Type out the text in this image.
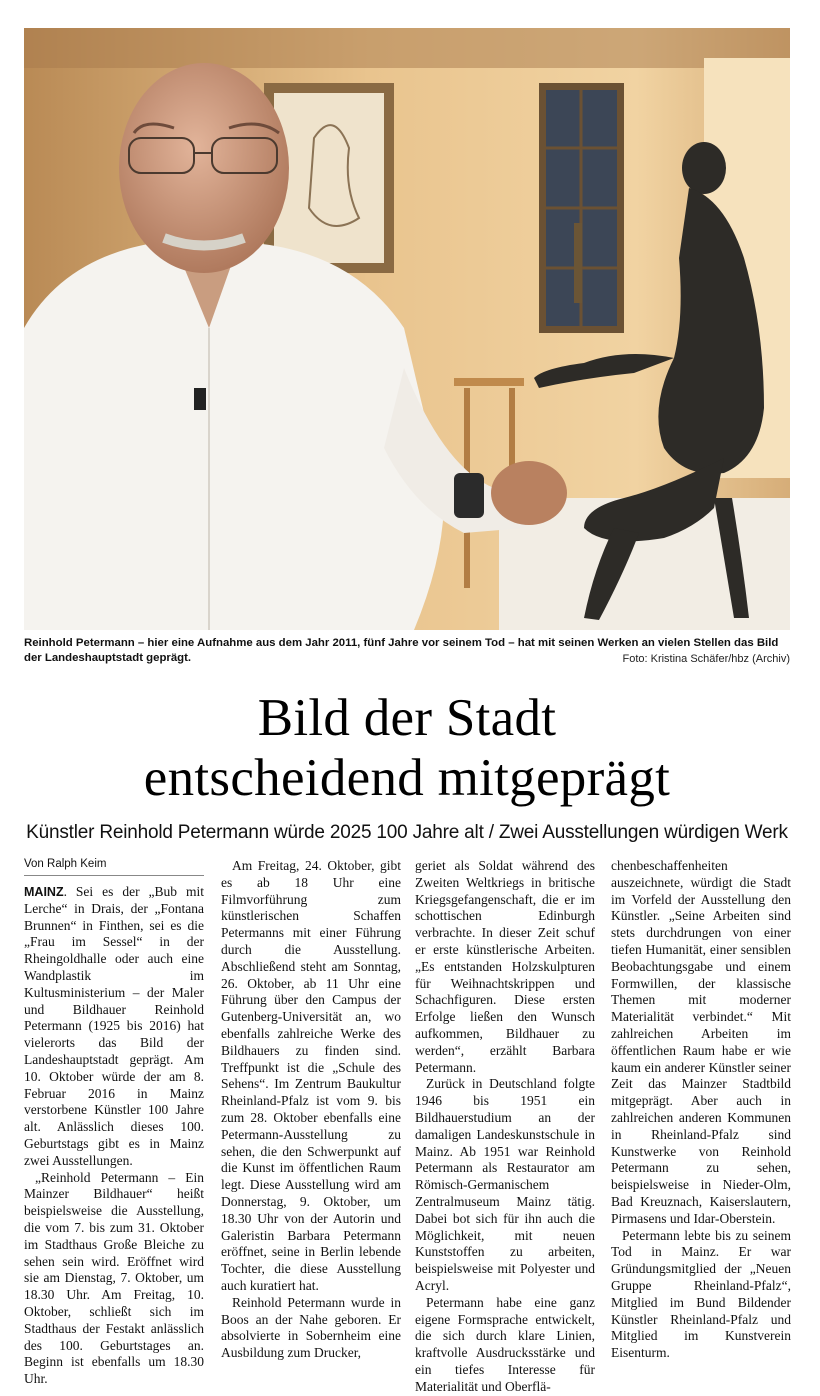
Reinhold Petermann – hier eine Aufnahme aus dem Jahr 2011, fünf Jahre vor seinem Tod – hat mit seinen Werken an vielen Stellen das Bild der Landeshauptstadt geprägt.	Foto: Kristina Schäfer/hbz (Archiv)
Bild der Stadt
entscheidend mitgeprägt
Künstler Reinhold Petermann würde 2025 100 Jahre alt / Zwei Ausstellungen würdigen Werk
Von Ralph Keim

MAINZ. Sei es der „Bub mit Lerche“ in Drais, der „Fontana Brunnen“ in Finthen, sei es die „Frau im Sessel“ in der Rheingoldhalle oder auch eine Wandplastik im Kultusministerium – der Maler und Bildhauer Reinhold Petermann (1925 bis 2016) hat vielerorts das Bild der Landeshauptstadt geprägt. Am 10. Oktober würde der am 8. Februar 2016 in Mainz verstorbene Künstler 100 Jahre alt. Anlässlich dieses 100. Geburtstags gibt es in Mainz zwei Ausstellungen.

„Reinhold Petermann – Ein Mainzer Bildhauer“ heißt beispielsweise die Ausstellung, die vom 7. bis zum 31. Oktober im Stadthaus Große Bleiche zu sehen sein wird. Eröffnet wird sie am Dienstag, 7. Oktober, um 18.30 Uhr. Am Freitag, 10. Oktober, schließt sich im Stadthaus der Festakt anlässlich des 100. Geburtstages an. Beginn ist ebenfalls um 18.30 Uhr.

Am Freitag, 24. Oktober, gibt es ab 18 Uhr eine Filmvorführung zum künstlerischen Schaffen Petermanns mit einer Führung durch die Ausstellung. Abschließend steht am Sonntag, 26. Oktober, ab 11 Uhr eine Führung über den Campus der Gutenberg-Universität an, wo ebenfalls zahlreiche Werke des Bildhauers zu finden sind. Treffpunkt ist die „Schule des Sehens“. Im Zentrum Baukultur Rheinland-Pfalz ist vom 9. bis zum 28. Oktober ebenfalls eine Petermann-Ausstellung zu sehen, die den Schwerpunkt auf die Kunst im öffentlichen Raum legt. Diese Ausstellung wird am Donnerstag, 9. Oktober, um 18.30 Uhr von der Autorin und Galeristin Barbara Petermann eröffnet, seine in Berlin lebende Tochter, die diese Ausstellung auch kuratiert hat.

Reinhold Petermann wurde in Boos an der Nahe geboren. Er absolvierte in Sobernheim eine Ausbildung zum Drucker,

geriet als Soldat während des Zweiten Weltkriegs in britische Kriegsgefangenschaft, die er im schottischen Edinburgh verbrachte. In dieser Zeit schuf er erste künstlerische Arbeiten. „Es entstanden Holzskulpturen für Weihnachtskrippen und Schachfiguren. Diese ersten Erfolge ließen den Wunsch aufkommen, Bildhauer zu werden“, erzählt Barbara Petermann.

Zurück in Deutschland folgte 1946 bis 1951 ein Bildhauerstudium an der damaligen Landeskunstschule in Mainz. Ab 1951 war Reinhold Petermann als Restaurator am Römisch-Germanischem Zentralmuseum Mainz tätig. Dabei bot sich für ihn auch die Möglichkeit, mit neuen Kunststoffen zu arbeiten, beispielsweise mit Polyester und Acryl.

Petermann habe eine ganz eigene Formsprache entwickelt, die sich durch klare Linien, kraftvolle Ausdrucksstärke und ein tiefes Interesse für Materialität und Oberflä-

chenbeschaffenheiten auszeichnete, würdigt die Stadt im Vorfeld der Ausstellung den Künstler. „Seine Arbeiten sind stets durchdrungen von einer tiefen Humanität, einer sensiblen Beobachtungsgabe und einem Formwillen, der klassische Themen mit moderner Materialität verbindet.“ Mit zahlreichen Arbeiten im öffentlichen Raum habe er wie kaum ein anderer Künstler seiner Zeit das Mainzer Stadtbild mitgeprägt. Aber auch in zahlreichen anderen Kommunen in Rheinland-Pfalz sind Kunstwerke von Reinhold Petermann zu sehen, beispielsweise in Nieder-Olm, Bad Kreuznach, Kaiserslautern, Pirmasens und Idar-Oberstein.

Petermann lebte bis zu seinem Tod in Mainz. Er war Gründungsmitglied der „Neuen Gruppe Rheinland-Pfalz“, Mitglied im Bund Bildender Künstler Rheinland-Pfalz und Mitglied im Kunstverein Eisenturm.
